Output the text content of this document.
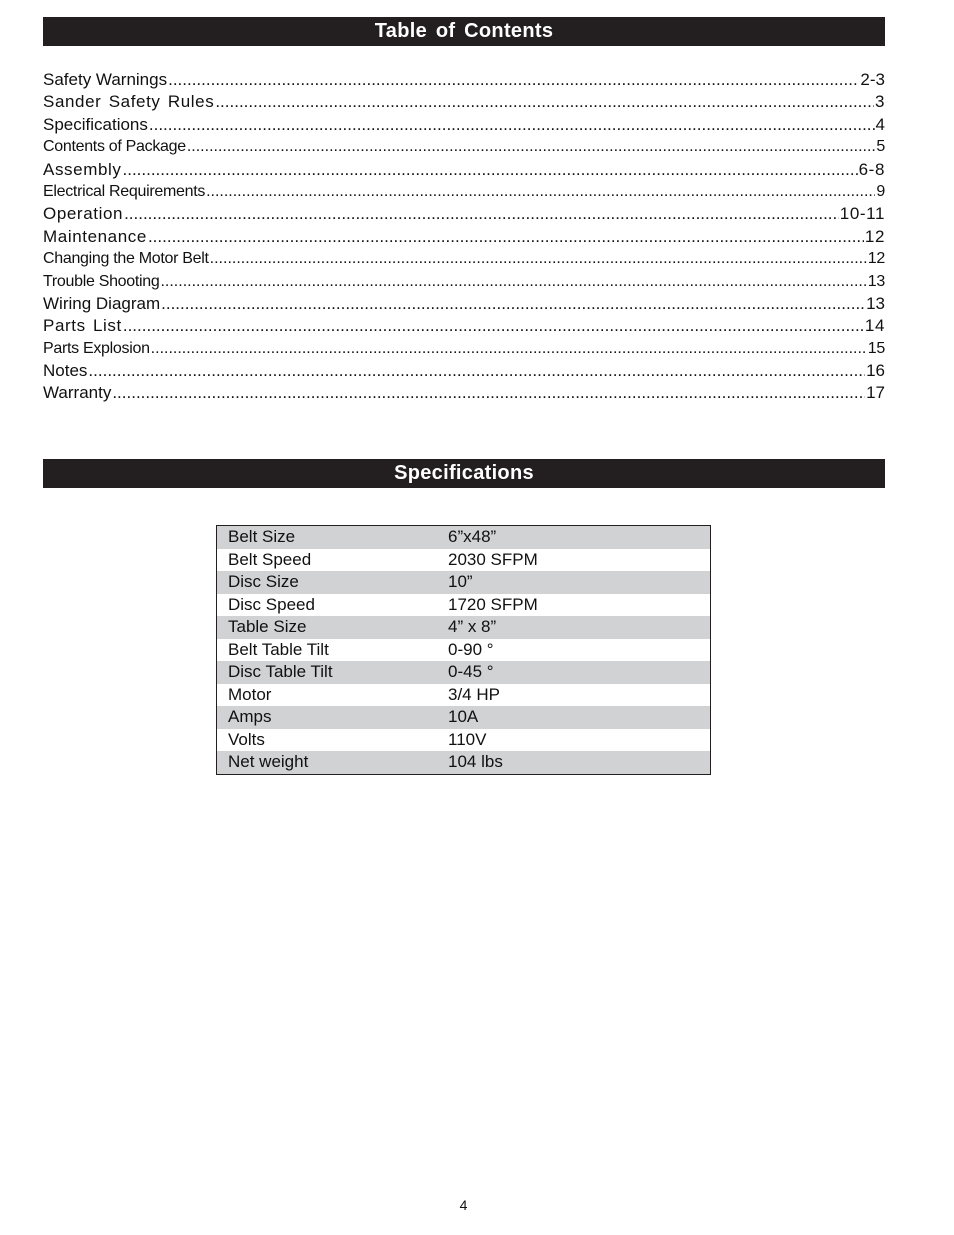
Table of Contents
Safety Warnings .....	2-3
Sander Safety Rules .....	3
Specifications .....	4
Contents of Package .....	5
Assembly .....	6-8
Electrical Requirements .....	9
Operation .....	10-11
Maintenance .....	12
Changing the Motor Belt .....	12
Trouble Shooting .....	13
Wiring Diagram .....	13
Parts List .....	14
Parts Explosion .....	15
Notes .....	16
Warranty .....	17
Specifications
Belt Size	6”x48”
Belt Speed	2030 SFPM
Disc Size	10”
Disc Speed	1720 SFPM
Table Size	4” x 8”
Belt Table Tilt	0-90 °
Disc Table Tilt	0-45 °
Motor	3/4 HP
Amps	10A
Volts	110V
Net weight	104 lbs
4
